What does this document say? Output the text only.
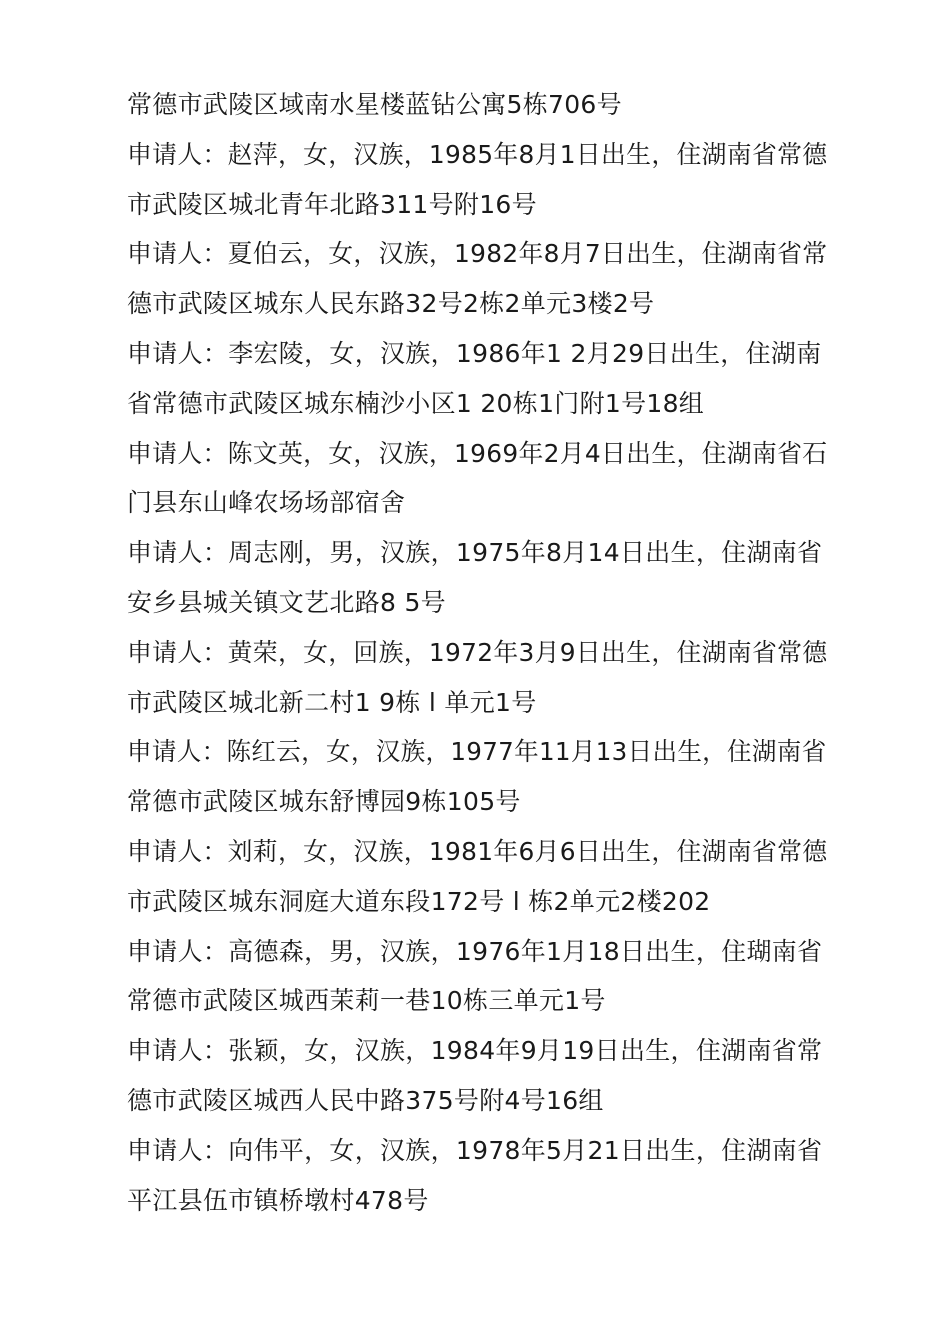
常德市武陵区域南水星楼蓝钻公寓5栋706号
申请人：赵萍，女，汉族，1985年8月1日出生，住湖南省常德
市武陵区城北青年北路311号附16号
申请人：夏伯云，女，汉族，1982年8月7日出生，住湖南省常
德市武陵区城东人民东路32号2栋2单元3楼2号
申请人：李宏陵，女，汉族，1986年1 2月29日出生，住湖南
省常德市武陵区城东楠沙小区1 20栋1门附1号18组
申请人：陈文英，女，汉族，1969年2月4日出生，住湖南省石
门县东山峰农场场部宿舍
申请人：周志刚，男，汉族，1975年8月14日出生，住湖南省
安乡县城关镇文艺北路8 5号
申请人：黄荣，女，回族，1972年3月9日出生，住湖南省常德
市武陵区城北新二村1 9栋 l 单元1号
申请人：陈红云，女，汉族，1977年11月13日出生，住湖南省
常德市武陵区城东舒博园9栋105号
申请人：刘莉，女，汉族，1981年6月6日出生，住湖南省常德
市武陵区城东洞庭大道东段172号 l 栋2单元2楼202
申请人：高德森，男，汉族，1976年1月18日出生，住瑚南省
常德市武陵区城西茉莉一巷10栋三单元1号
申请人：张颖，女，汉族，1984年9月19日出生，住湖南省常
德市武陵区城西人民中路375号附4号16组
申请人：向伟平，女，汉族，1978年5月21日出生，住湖南省
平江县伍市镇桥墩村478号
